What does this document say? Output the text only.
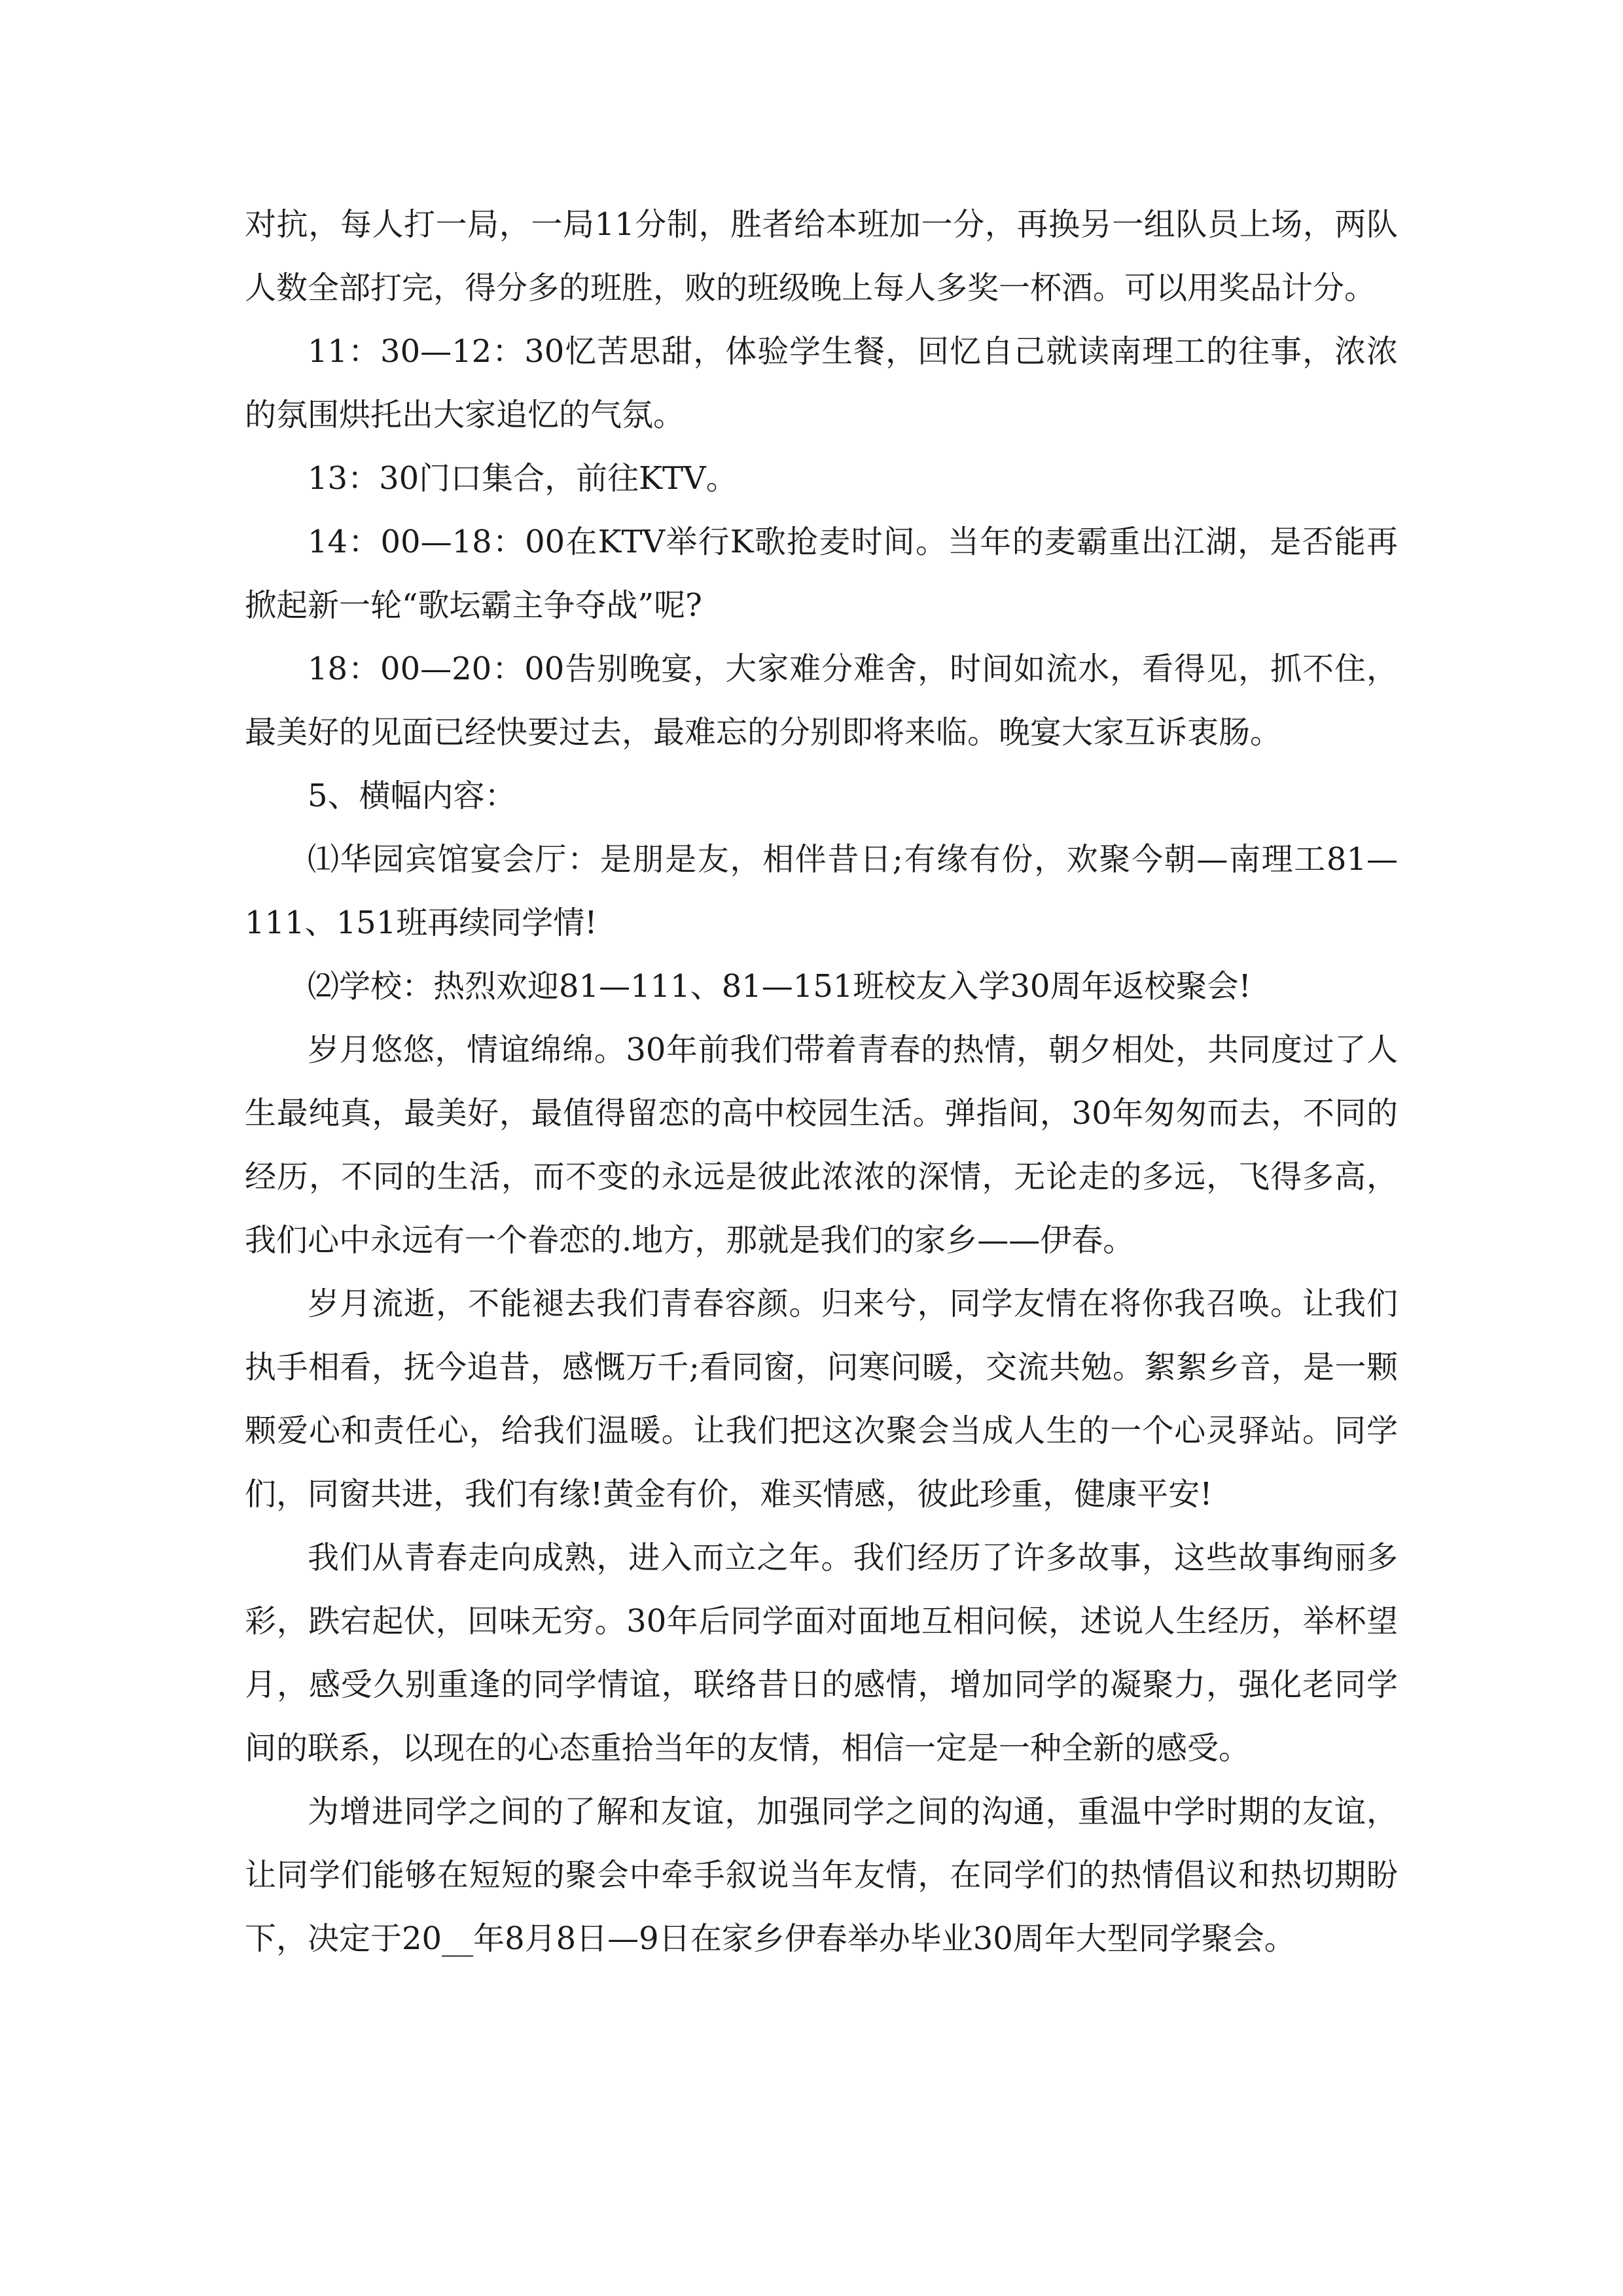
对抗，每人打一局，一局11分制，胜者给本班加一分，再换另一组队员上场，两队人数全部打完，得分多的班胜，败的班级晚上每人多奖一杯酒。可以用奖品计分。

11：30—12：30忆苦思甜，体验学生餐，回忆自己就读南理工的往事，浓浓的氛围烘托出大家追忆的气氛。

13：30门口集合，前往KTV。

14：00—18：00在KTV举行K歌抢麦时间。当年的麦霸重出江湖，是否能再掀起新一轮“歌坛霸主争夺战”呢?

18：00—20：00告别晚宴，大家难分难舍，时间如流水，看得见，抓不住，最美好的见面已经快要过去，最难忘的分别即将来临。晚宴大家互诉衷肠。

5、横幅内容：

⑴华园宾馆宴会厅：是朋是友，相伴昔日;有缘有份，欢聚今朝—南理工81—111、151班再续同学情!

⑵学校：热烈欢迎81—111、81—151班校友入学30周年返校聚会!

岁月悠悠，情谊绵绵。30年前我们带着青春的热情，朝夕相处，共同度过了人生最纯真，最美好，最值得留恋的高中校园生活。弹指间，30年匆匆而去，不同的经历，不同的生活，而不变的永远是彼此浓浓的深情，无论走的多远，飞得多高，我们心中永远有一个眷恋的.地方，那就是我们的家乡——伊春。

岁月流逝，不能褪去我们青春容颜。归来兮，同学友情在将你我召唤。让我们执手相看，抚今追昔，感慨万千;看同窗，问寒问暖，交流共勉。絮絮乡音，是一颗颗爱心和责任心，给我们温暖。让我们把这次聚会当成人生的一个心灵驿站。同学们，同窗共进，我们有缘!黄金有价，难买情感，彼此珍重，健康平安!

我们从青春走向成熟，进入而立之年。我们经历了许多故事，这些故事绚丽多彩，跌宕起伏，回味无穷。30年后同学面对面地互相问候，述说人生经历，举杯望月，感受久别重逢的同学情谊，联络昔日的感情，增加同学的凝聚力，强化老同学间的联系，以现在的心态重拾当年的友情，相信一定是一种全新的感受。

为增进同学之间的了解和友谊，加强同学之间的沟通，重温中学时期的友谊，让同学们能够在短短的聚会中牵手叙说当年友情，在同学们的热情倡议和热切期盼下，决定于20__年8月8日—9日在家乡伊春举办毕业30周年大型同学聚会。
